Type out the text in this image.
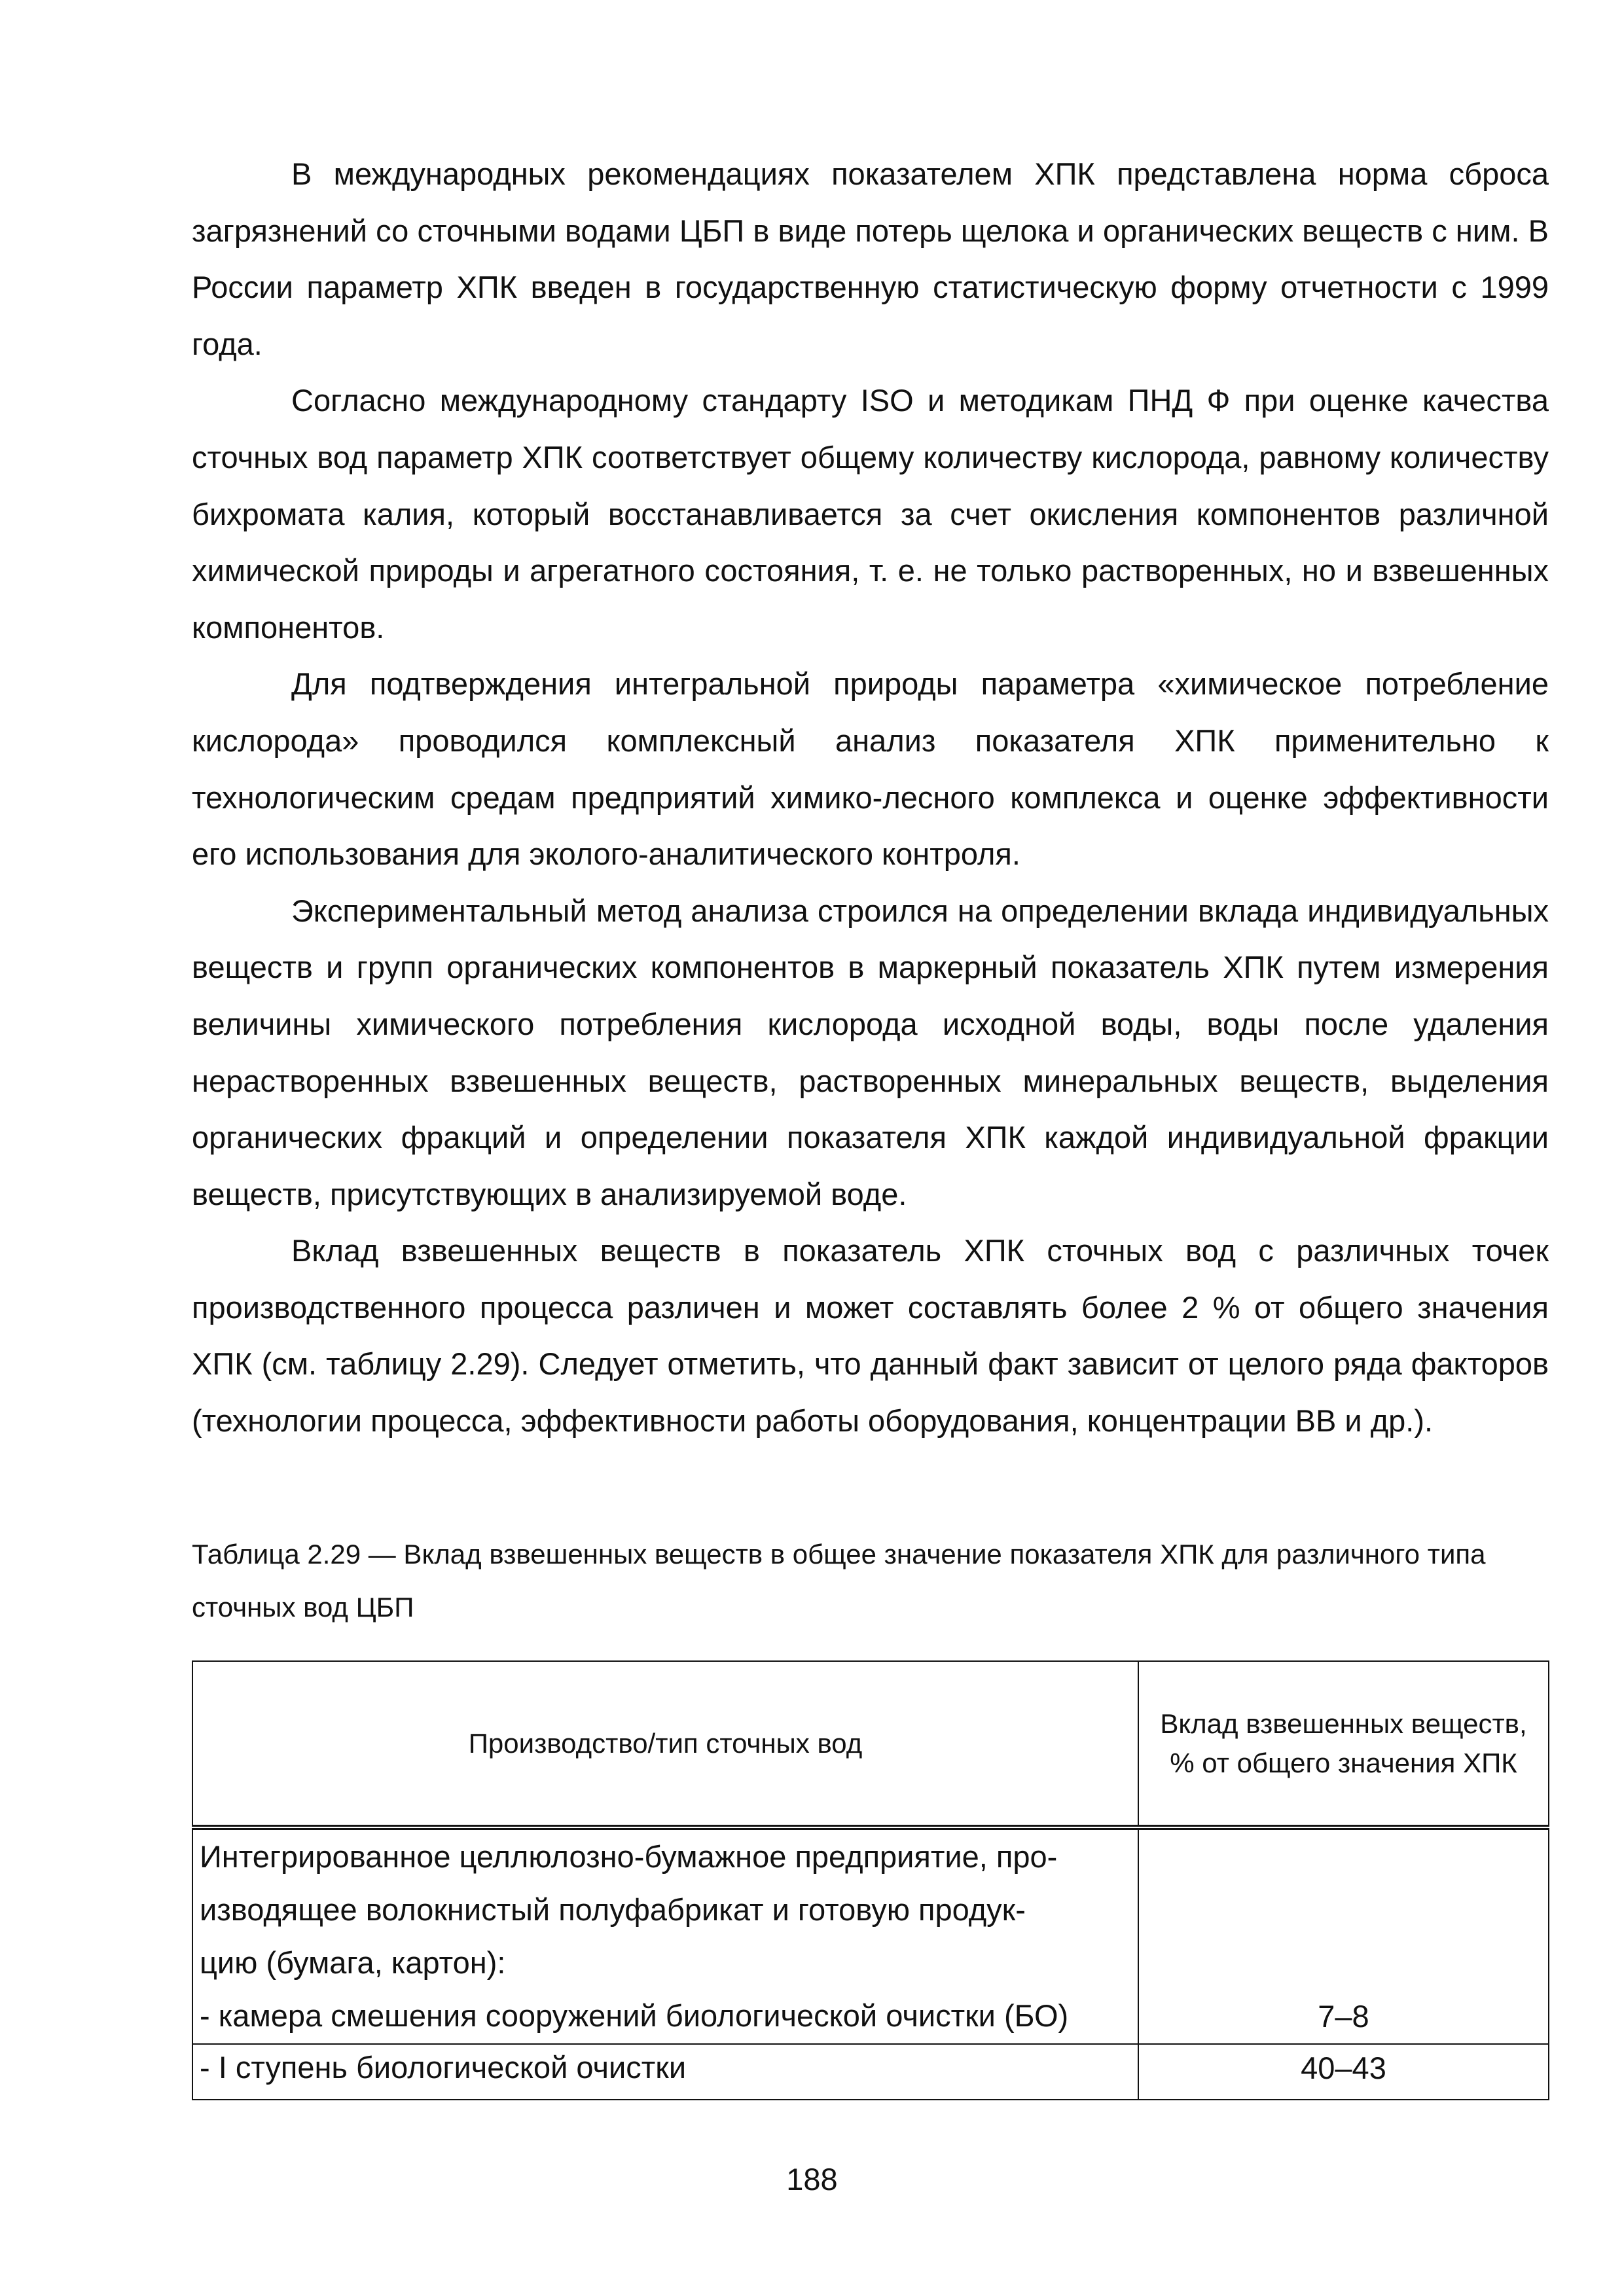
В международных рекомендациях показателем ХПК представлена норма сброса загрязнений со сточными водами ЦБП в виде потерь щелока и органических веществ с ним. В России параметр ХПК введен в государственную статистическую форму отчетности с 1999 года.

Согласно международному стандарту ISO и методикам ПНД Ф при оценке качества сточных вод параметр ХПК соответствует общему количеству кислорода, равному количеству бихромата калия, который восстанавливается за счет окисления компонентов различной химической природы и агрегатного состояния, т. е. не только растворенных, но и взвешенных компонентов.

Для подтверждения интегральной природы параметра «химическое потребление кислорода» проводился комплексный анализ показателя ХПК применительно к технологическим средам предприятий химико-лесного комплекса и оценке эффективности его использования для эколого-аналитического контроля.

Экспериментальный метод анализа строился на определении вклада индивидуальных веществ и групп органических компонентов в маркерный показатель ХПК путем измерения величины химического потребления кислорода исходной воды, воды после удаления нерастворенных взвешенных веществ, растворенных минеральных веществ, выделения органических фракций и определении показателя ХПК каждой индивидуальной фракции веществ, присутствующих в анализируемой воде.

Вклад взвешенных веществ в показатель ХПК сточных вод с различных точек производственного процесса различен и может составлять более 2 % от общего значения ХПК (см. таблицу 2.29). Следует отметить, что данный факт зависит от целого ряда факторов (технологии процесса, эффективности работы оборудования, концентрации ВВ и др.).

Таблица 2.29 — Вклад взвешенных веществ в общее значение показателя ХПК для различного типа сточных вод ЦБП

Производство/тип сточных вод	Вклад взвешенных веществ, % от общего значения ХПК

Интегрированное целлюлозно-бумажное предприятие, про-
изводящее волокнистый полуфабрикат и готовую продук-
цию (бумага, картон):
- камера смешения сооружений биологической очистки (БО)	7–8

- I ступень биологической очистки	40–43
188
